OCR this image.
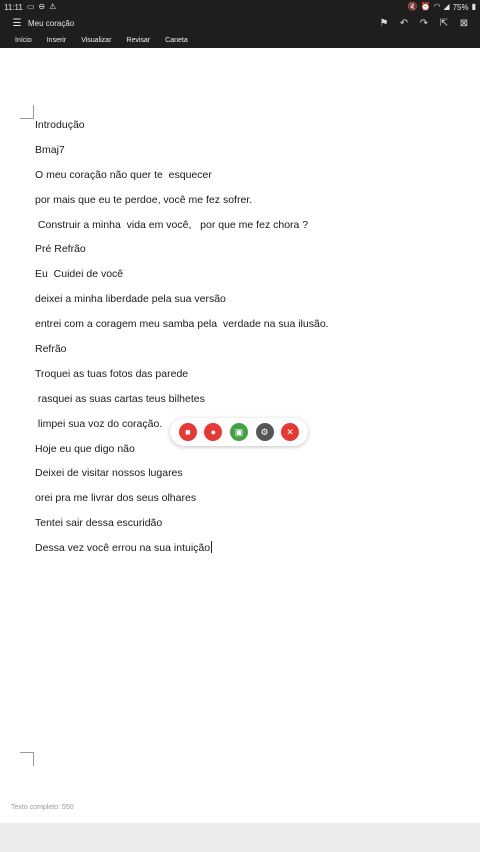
11:11 ▭ ⊖ ⚠	🔇 ⏰ ◠ ◢ 75% ▮
☰ Meu coração	⚑	↶	↷	⇱	⊠
Início Inserir Visualizar Revisar Caneta
Introdução
Bmaj7
O meu coração não quer te  esquecer
por mais que eu te perdoe, você me fez sofrer.
Construir a minha  vida em você,   por que me fez chora ?
Pré Refrão
Eu  Cuidei de você
deixei a minha liberdade pela sua versão
entrei com a coragem meu samba pela  verdade na sua ilusão.
Refrão
Troquei as tuas fotos das parede
rasquei as suas cartas teus bilhetes
limpei sua voz do coração.
Hoje eu que digo não
Deixei de visitar nossos lugares
orei pra me livrar dos seus olhares
Tentei sair dessa escuridão
Dessa vez você errou na sua intuição
■	●	▣	⚙	✕
Texto completo: 550
